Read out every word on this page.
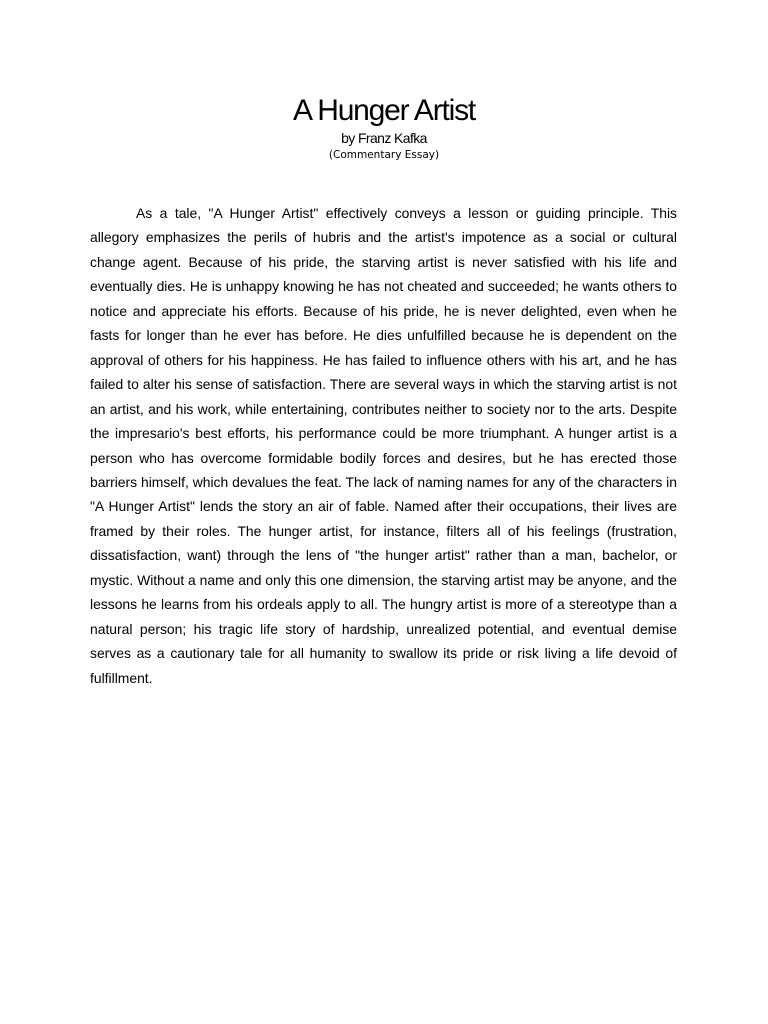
A Hunger Artist
by Franz Kafka
(Commentary Essay)

As a tale, "A Hunger Artist" effectively conveys a lesson or guiding principle. This allegory emphasizes the perils of hubris and the artist's impotence as a social or cultural change agent. Because of his pride, the starving artist is never satisfied with his life and eventually dies. He is unhappy knowing he has not cheated and succeeded; he wants others to notice and appreciate his efforts. Because of his pride, he is never delighted, even when he fasts for longer than he ever has before. He dies unfulfilled because he is dependent on the approval of others for his happiness. He has failed to influence others with his art, and he has failed to alter his sense of satisfaction. There are several ways in which the starving artist is not an artist, and his work, while entertaining, contributes neither to society nor to the arts. Despite the impresario's best efforts, his performance could be more triumphant. A hunger artist is a person who has overcome formidable bodily forces and desires, but he has erected those barriers himself, which devalues the feat. The lack of naming names for any of the characters in "A Hunger Artist" lends the story an air of fable. Named after their occupations, their lives are framed by their roles. The hunger artist, for instance, filters all of his feelings (frustration, dissatisfaction, want) through the lens of "the hunger artist" rather than a man, bachelor, or mystic. Without a name and only this one dimension, the starving artist may be anyone, and the lessons he learns from his ordeals apply to all. The hungry artist is more of a stereotype than a natural person; his tragic life story of hardship, unrealized potential, and eventual demise serves as a cautionary tale for all humanity to swallow its pride or risk living a life devoid of fulfillment.
